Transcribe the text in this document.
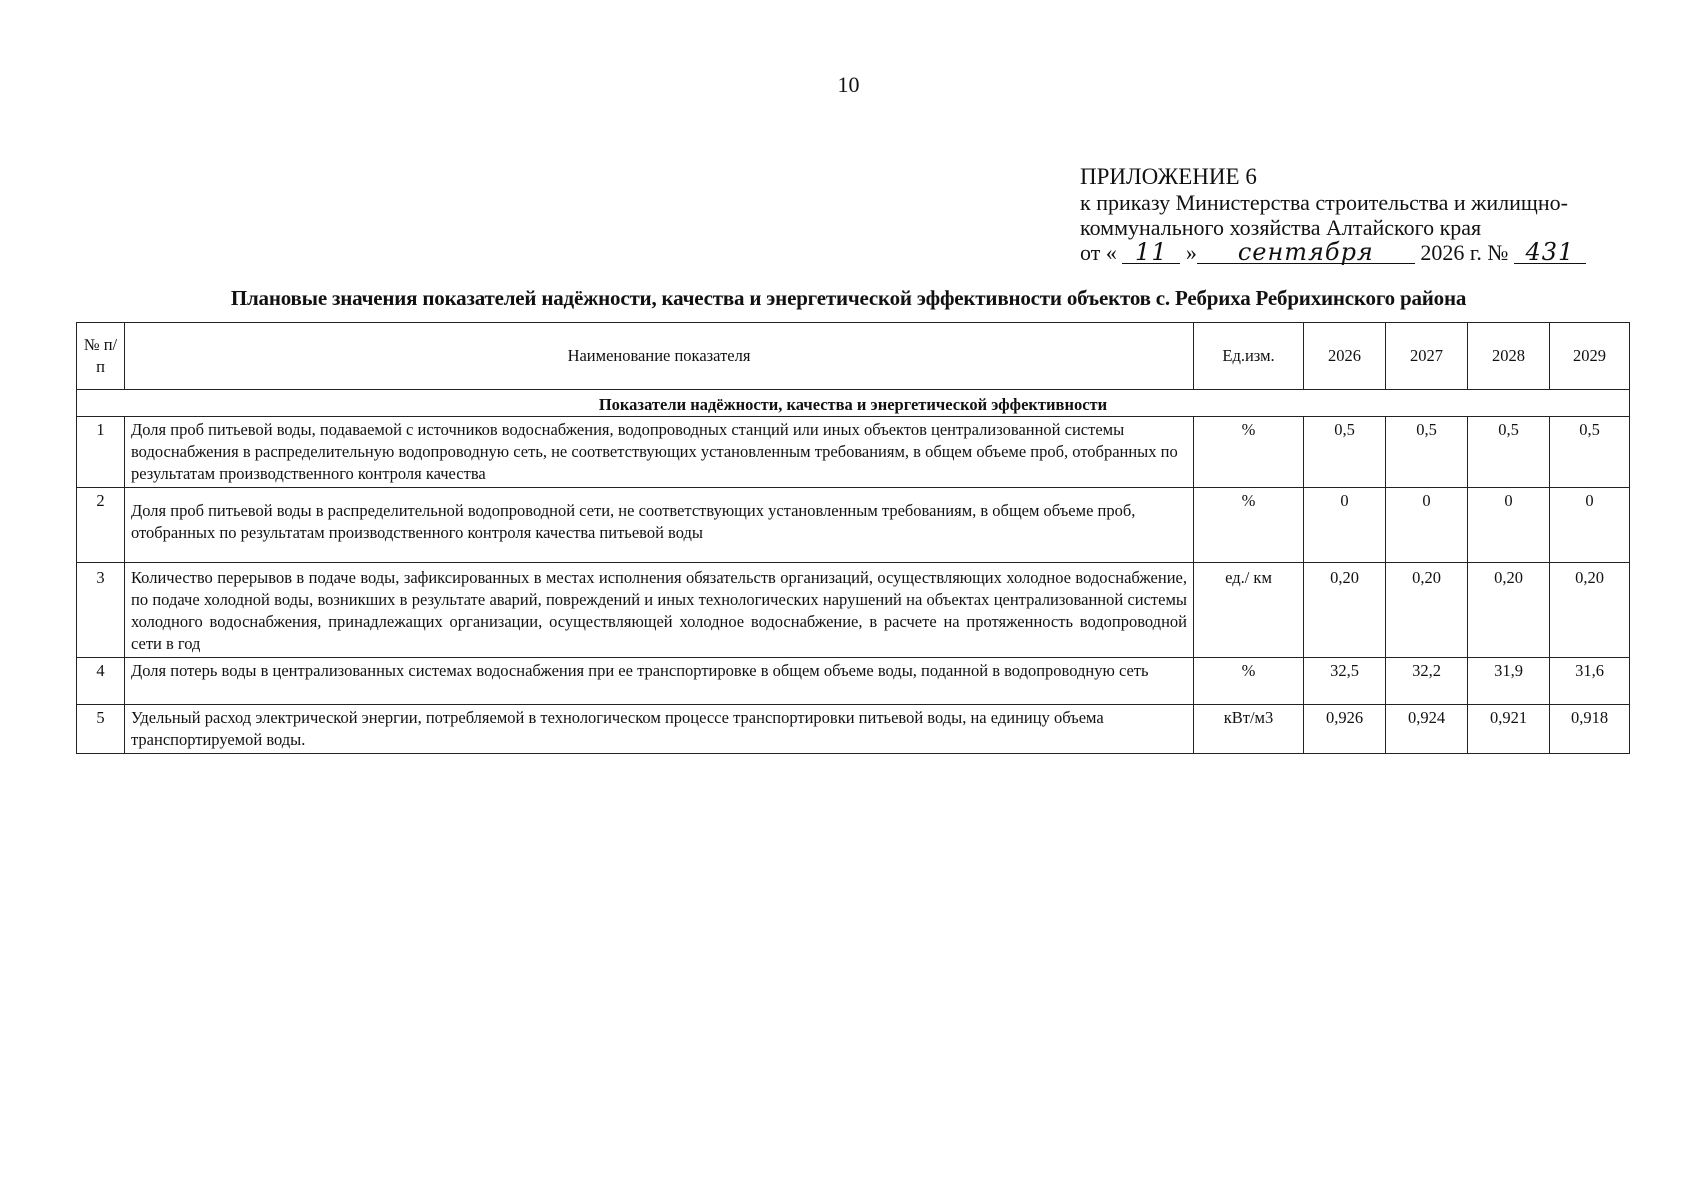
10
ПРИЛОЖЕНИЕ 6
к приказу Министерства строительства и жилищно-
коммунального хозяйства Алтайского края
от « 11 » сентября 2026 г. № 431
Плановые значения показателей надёжности, качества и энергетической эффективности объектов с. Ребриха Ребрихинского района
№ п/п	Наименование показателя	Ед.изм.	2026	2027	2028	2029
Показатели надёжности, качества и энергетической эффективности						
1	Доля проб питьевой воды, подаваемой с источников водоснабжения, водопроводных станций или иных объектов централизованной системы водоснабжения в распределительную водопроводную сеть, не соответствующих установленным требованиям, в общем объеме проб, отобранных по результатам производственного контроля качества	%	0,5	0,5	0,5	0,5
2	Доля проб питьевой воды в распределительной водопроводной сети, не соответствующих установленным требованиям, в общем объеме проб, отобранных по результатам производственного контроля качества питьевой воды	%	0	0	0	0
3	Количество перерывов в подаче воды, зафиксированных в местах исполнения обязательств организаций, осуществляющих холодное водоснабжение, по подаче холодной воды, возникших в результате аварий, повреждений и иных технологических нарушений на объектах централизованной системы холодного водоснабжения, принадлежащих организации, осуществляющей холодное водоснабжение, в расчете на протяженность водопроводной сети в год	ед./ км	0,20	0,20	0,20	0,20
4	Доля потерь воды в централизованных системах водоснабжения при ее транспортировке в общем объеме воды, поданной в водопроводную сеть	%	32,5	32,2	31,9	31,6
5	Удельный расход электрической энергии, потребляемой в технологическом процессе транспортировки питьевой воды, на единицу объема транспортируемой воды.	кВт/м3	0,926	0,924	0,921	0,918
